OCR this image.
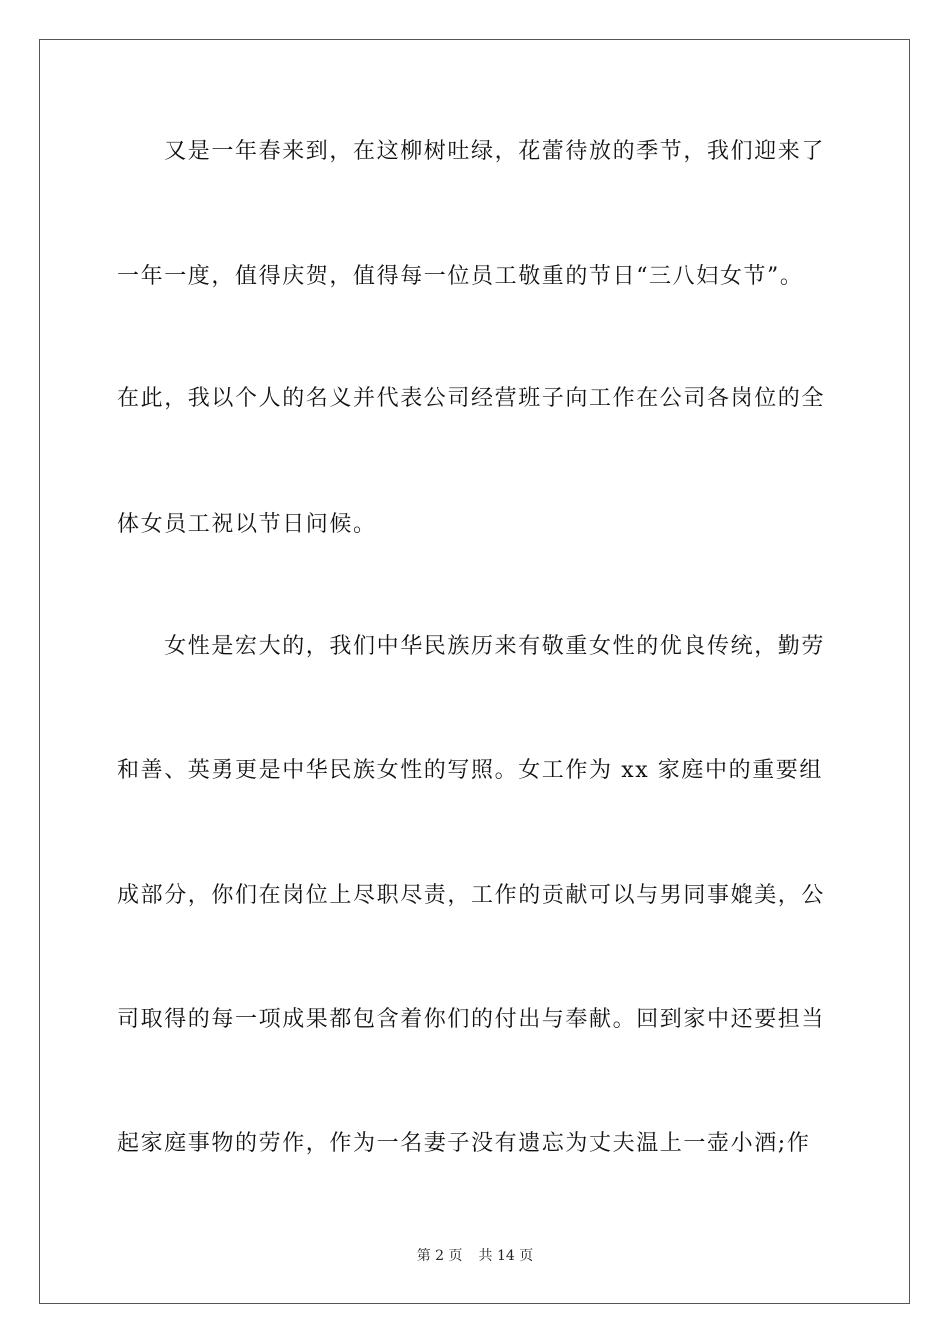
　　又是一年春来到，在这柳树吐绿，花蕾待放的季节，我们迎来了
一年一度，值得庆贺，值得每一位员工敬重的节日“三八妇女节”。
在此，我以个人的名义并代表公司经营班子向工作在公司各岗位的全
体女员工祝以节日问候。
　　女性是宏大的，我们中华民族历来有敬重女性的优良传统，勤劳
和善、英勇更是中华民族女性的写照。女工作为 xx 家庭中的重要组
成部分，你们在岗位上尽职尽责，工作的贡献可以与男同事媲美，公
司取得的每一项成果都包含着你们的付出与奉献。回到家中还要担当
起家庭事物的劳作，作为一名妻子没有遗忘为丈夫温上一壶小酒;作
第 2 页 共 14 页
